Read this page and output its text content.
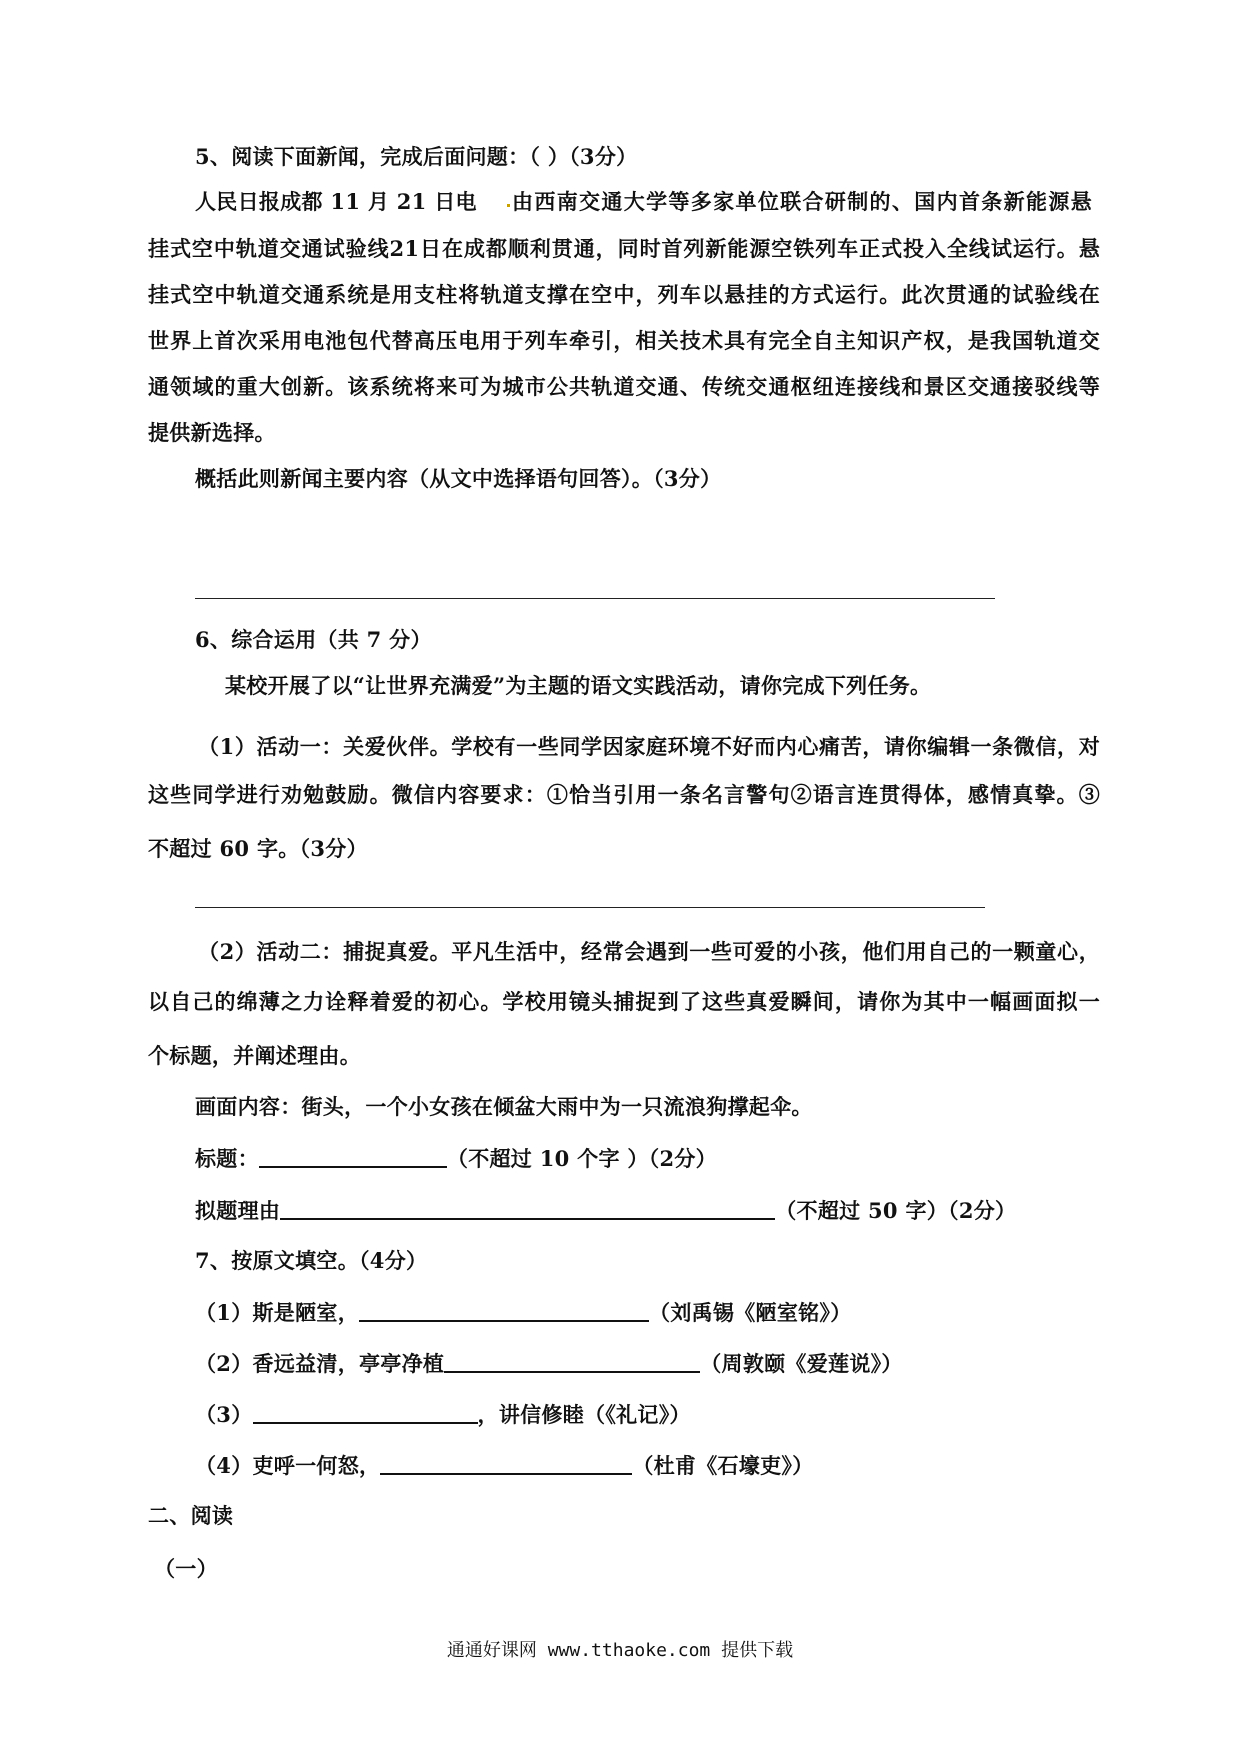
5、阅读下面新闻，完成后面问题：（ ）（3分）
人民日报成都 11 月 21 日电	由西南交通大学等多家单位联合研制的、国内首条新能源悬
挂式空中轨道交通试验线21日在成都顺利贯通，同时首列新能源空铁列车正式投入全线试运行。悬
挂式空中轨道交通系统是用支柱将轨道支撑在空中，列车以悬挂的方式运行。此次贯通的试验线在
世界上首次采用电池包代替高压电用于列车牵引，相关技术具有完全自主知识产权，是我国轨道交
通领域的重大创新。该系统将来可为城市公共轨道交通、传统交通枢纽连接线和景区交通接驳线等
提供新选择。
概括此则新闻主要内容（从文中选择语句回答）。（3分）
6、综合运用（共 7 分）
某校开展了以“让世界充满爱”为主题的语文实践活动，请你完成下列任务。
（1）活动一：关爱伙伴。学校有一些同学因家庭环境不好而内心痛苦，请你编辑一条微信，对
这些同学进行劝勉鼓励。微信内容要求：①恰当引用一条名言警句②语言连贯得体，感情真挚。③
不超过 60 字。（3分）
（2）活动二：捕捉真爱。平凡生活中，经常会遇到一些可爱的小孩，他们用自己的一颗童心，
以自己的绵薄之力诠释着爱的初心。学校用镜头捕捉到了这些真爱瞬间，请你为其中一幅画面拟一
个标题，并阐述理由。
画面内容：街头，一个小女孩在倾盆大雨中为一只流浪狗撑起伞。
标题：	（不超过 10 个字 ）（2分）
拟题理由	（不超过 50 字）（2分）
7、按原文填空。（4分）
（1）斯是陋室，	（刘禹锡《陋室铭》）
（2）香远益清，亭亭净植	（周敦颐《爱莲说》）
（3）	，讲信修睦（《礼记》）
（4）吏呼一何怒，	（杜甫《石壕吏》）
二、阅读
（一）
通通好课网 www.tthaoke.com 提供下载
